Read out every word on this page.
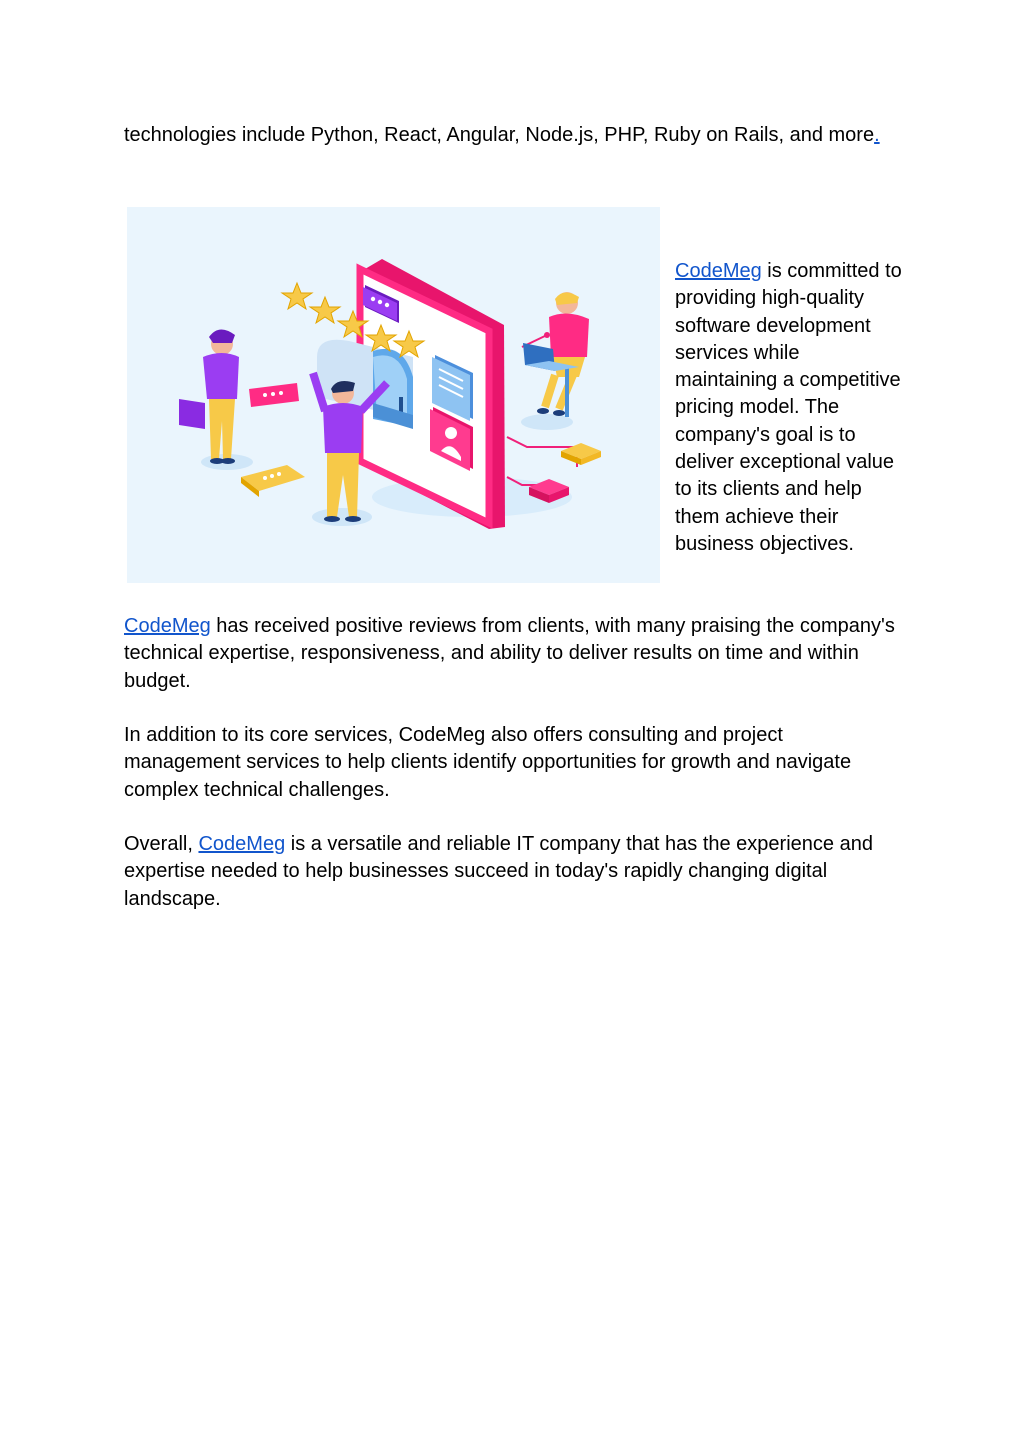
technologies include Python, React, Angular, Node.js, PHP, Ruby on Rails, and more.

CodeMeg is committed to providing high-quality software development services while maintaining a competitive pricing model. The company's goal is to deliver exceptional value to its clients and help them achieve their business objectives.

CodeMeg has received positive reviews from clients, with many praising the company's technical expertise, responsiveness, and ability to deliver results on time and within budget.

In addition to its core services, CodeMeg also offers consulting and project management services to help clients identify opportunities for growth and navigate complex technical challenges.

Overall, CodeMeg is a versatile and reliable IT company that has the experience and expertise needed to help businesses succeed in today's rapidly changing digital landscape.
